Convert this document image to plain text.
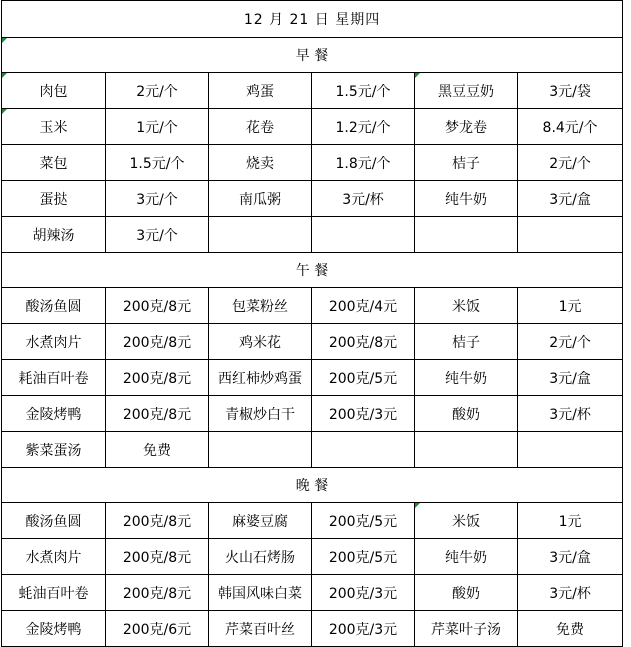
12 月 21 日 星期四					
早 餐					
肉包	2元/个	鸡蛋	1.5元/个	黑豆豆奶	3元/袋
玉米	1元/个	花卷	1.2元/个	梦龙卷	8.4元/个
菜包	1.5元/个	烧卖	1.8元/个	桔子	2元/个
蛋挞	3元/个	南瓜粥	3元/杯	纯牛奶	3元/盒
胡辣汤	3元/个				
午 餐					
酸汤鱼圆	200克/8元	包菜粉丝	200克/4元	米饭	1元
水煮肉片	200克/8元	鸡米花	200克/8元	桔子	2元/个
耗油百叶卷	200克/8元	西红柿炒鸡蛋	200克/5元	纯牛奶	3元/盒
金陵烤鸭	200克/8元	青椒炒白干	200克/3元	酸奶	3元/杯
紫菜蛋汤	免费				
晚 餐					
酸汤鱼圆	200克/8元	麻婆豆腐	200克/5元	米饭	1元
水煮肉片	200克/8元	火山石烤肠	200克/5元	纯牛奶	3元/盒
蚝油百叶卷	200克/8元	韩国风味白菜	200克/3元	酸奶	3元/杯
金陵烤鸭	200克/6元	芹菜百叶丝	200克/3元	芹菜叶子汤	免费
